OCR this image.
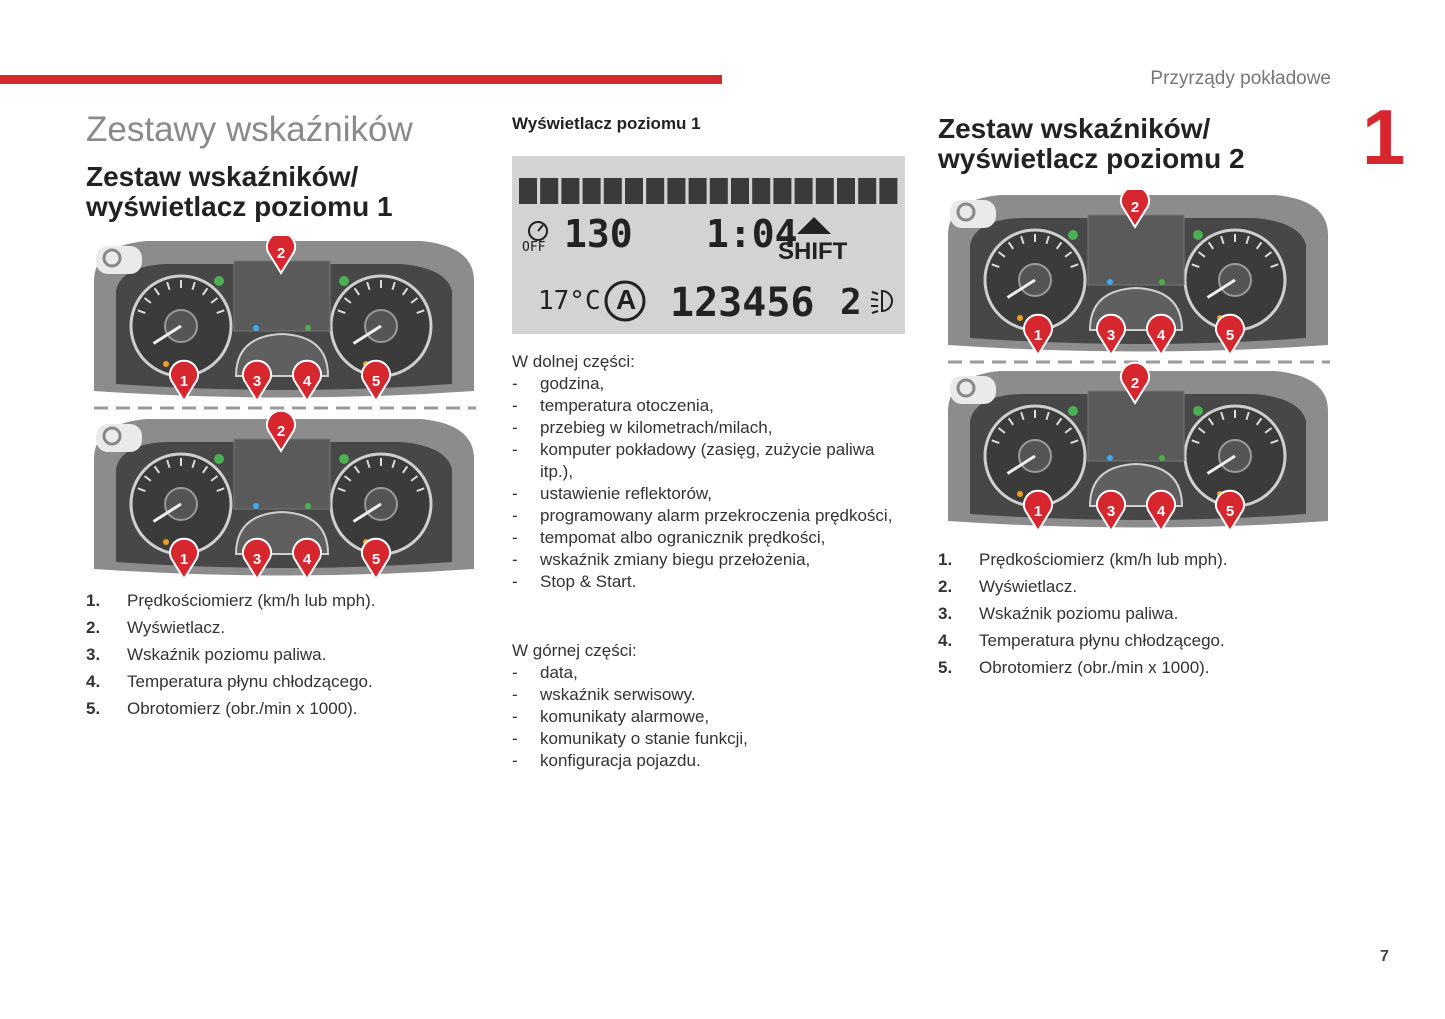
Przyrządy pokładowe
1
Zestawy wskaźników
Zestaw wskaźników/
wyświetlacz poziomu 1
2
1	3	4	5
2
1	3	4	5
1.	Prędkościomierz (km/h lub mph).
2.	Wyświetlacz.
3.	Wskaźnik poziomu paliwa.
4.	Temperatura płynu chłodzącego.
5.	Obrotomierz (obr./min x 1000).
Wyświetlacz poziomu 1
OFF 130 1:04
SHIFT
17°C A 123456 2
W dolnej części:
-	godzina,
-	temperatura otoczenia,
-	przebieg w kilometrach/milach,
-	komputer pokładowy (zasięg, zużycie paliwa itp.),
-	ustawienie reflektorów,
-	programowany alarm przekroczenia prędkości,
-	tempomat albo ogranicznik prędkości,
-	wskaźnik zmiany biegu przełożenia,
-	Stop & Start.
W górnej części:
-	data,
-	wskaźnik serwisowy.
-	komunikaty alarmowe,
-	komunikaty o stanie funkcji,
-	konfiguracja pojazdu.
Zestaw wskaźników/
wyświetlacz poziomu 2
2
1	3	4	5
2
1	3	4	5
1.	Prędkościomierz (km/h lub mph).
2.	Wyświetlacz.
3.	Wskaźnik poziomu paliwa.
4.	Temperatura płynu chłodzącego.
5.	Obrotomierz (obr./min x 1000).
7
